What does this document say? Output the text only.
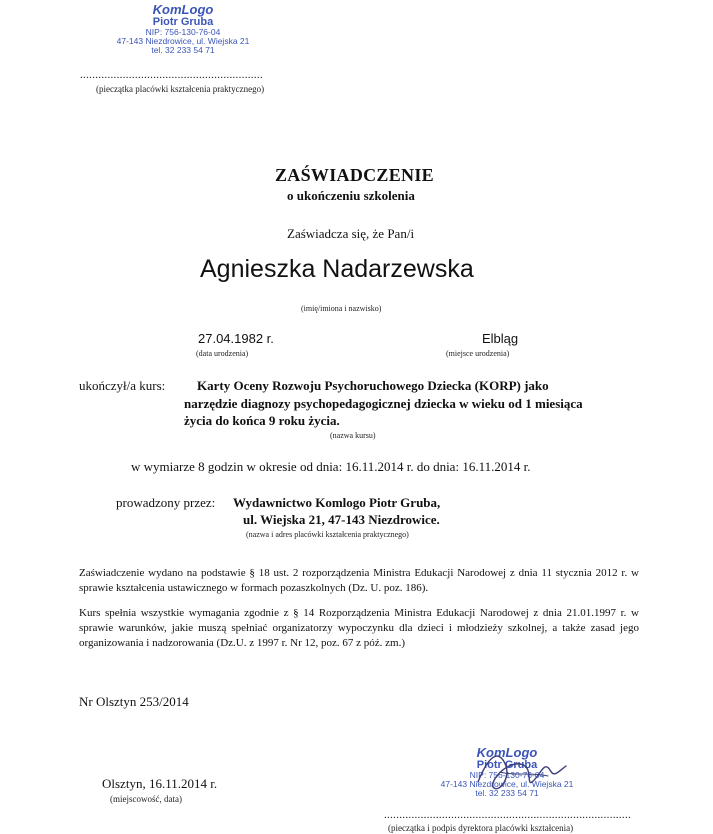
KomLogo
Piotr Gruba
NIP: 756-130-76-04
47-143 Niezdrowice, ul. Wiejska 21
tel. 32 233 54 71
............................................................
(pieczątka placówki kształcenia praktycznego)
ZAŚWIADCZENIE
o ukończeniu szkolenia
Zaświadcza się, że Pan/i
Agnieszka Nadarzewska
(imię/imiona i nazwisko)
27.04.1982 r.
(data urodzenia)
Elbląg
(miejsce urodzenia)
ukończył/a kurs: Karty Oceny Rozwoju Psychoruchowego Dziecka (KORP) jako
narzędzie diagnozy psychopedagogicznej dziecka w wieku od 1 miesiąca
życia do końca 9 roku życia.
(nazwa kursu)
w wymiarze 8 godzin w okresie od dnia: 16.11.2014 r. do dnia: 16.11.2014 r.
prowadzony przez: Wydawnictwo Komlogo Piotr Gruba,
ul. Wiejska 21, 47-143 Niezdrowice.
(nazwa i adres placówki kształcenia praktycznego)
Zaświadczenie wydano na podstawie § 18 ust. 2 rozporządzenia Ministra Edukacji Narodowej z dnia 11 stycznia 2012 r. w sprawie kształcenia ustawicznego w formach pozaszkolnych (Dz. U. poz. 186).
Kurs spełnia wszystkie wymagania zgodnie z § 14 Rozporządzenia Ministra Edukacji Narodowej z dnia 21.01.1997 r. w sprawie warunków, jakie muszą spełniać organizatorzy wypoczynku dla dzieci i młodzieży szkolnej, a także zasad jego organizowania i nadzorowania (Dz.U. z 1997 r. Nr 12, poz. 67 z póź. zm.)
Nr Olsztyn 253/2014
Olsztyn, 16.11.2014 r.
(miejscowość, data)
KomLogo
Piotr Gruba
NIP: 756-130-76-04
47-143 Niezdrowice, ul. Wiejska 21
tel. 32 233 54 71
.................................................................................
(pieczątka i podpis dyrektora placówki kształcenia)
